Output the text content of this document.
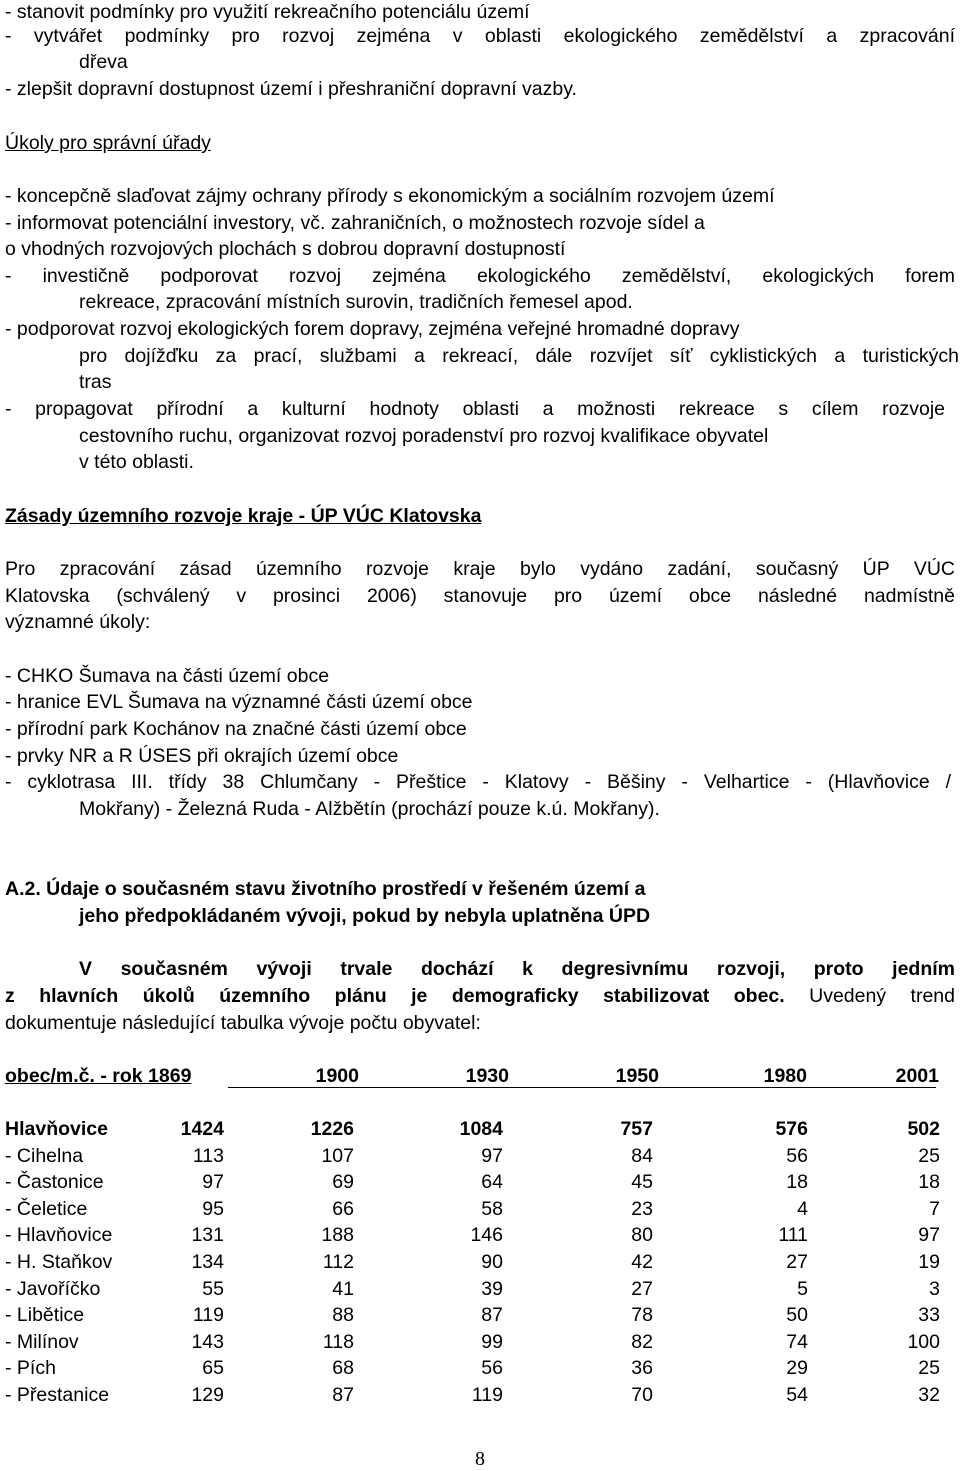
- stanovit podmínky pro využití rekreačního potenciálu území
- vytvářet podmínky pro rozvoj zejména v oblasti ekologického zemědělství a zpracování
dřeva
- zlepšit dopravní dostupnost území i přeshraniční dopravní vazby.
Úkoly pro správní úřady
- koncepčně slaďovat zájmy ochrany přírody s ekonomickým a sociálním rozvojem území
- informovat potenciální investory, vč. zahraničních, o možnostech rozvoje sídel a
o vhodných rozvojových plochách s dobrou dopravní dostupností
- investičně podporovat rozvoj zejména ekologického zemědělství, ekologických forem
rekreace, zpracování místních surovin, tradičních řemesel apod.
- podporovat rozvoj ekologických forem dopravy, zejména veřejné hromadné dopravy
pro dojížďku za prací, službami a rekreací, dále rozvíjet síť cyklistických a turistických
tras
- propagovat přírodní a kulturní hodnoty oblasti a možnosti rekreace s cílem rozvoje
cestovního ruchu, organizovat rozvoj poradenství pro rozvoj kvalifikace obyvatel
v této oblasti.
Zásady územního rozvoje kraje - ÚP VÚC Klatovska
Pro zpracování zásad územního rozvoje kraje bylo vydáno zadání, současný ÚP VÚC
Klatovska (schválený v prosinci 2006) stanovuje pro území obce následné nadmístně
významné úkoly:
- CHKO Šumava na části území obce
- hranice EVL Šumava na významné části území obce
- přírodní park Kochánov na značné části území obce
- prvky NR a R ÚSES při okrajích území obce
- cyklotrasa III. třídy 38 Chlumčany - Přeštice - Klatovy - Běšiny - Velhartice - (Hlavňovice /
Mokřany) - Železná Ruda - Alžbětín (prochází pouze k.ú. Mokřany).
A.2. Údaje o současném stavu životního prostředí v řešeném území a
jeho předpokládaném vývoji, pokud by nebyla uplatněna ÚPD
V současném vývoji trvale dochází k degresivnímu rozvoji, proto jedním
z hlavních úkolů územního plánu je demograficky stabilizovat obec. Uvedený trend
dokumentuje následující tabulka vývoje počtu obyvatel:
obec/m.č. - rok 1869	1900	1930	1950	1980	2001
Hlavňovice	1424	1226	1084	757	576	502
- Cihelna	113	107	97	84	56	25
- Častonice	97	69	64	45	18	18
- Čeletice	95	66	58	23	4	7
- Hlavňovice	131	188	146	80	111	97
- H. Staňkov	134	112	90	42	27	19
- Javoříčko	55	41	39	27	5	3
- Libětice	119	88	87	78	50	33
- Milínov	143	118	99	82	74	100
- Pích	65	68	56	36	29	25
- Přestanice	129	87	119	70	54	32
8
